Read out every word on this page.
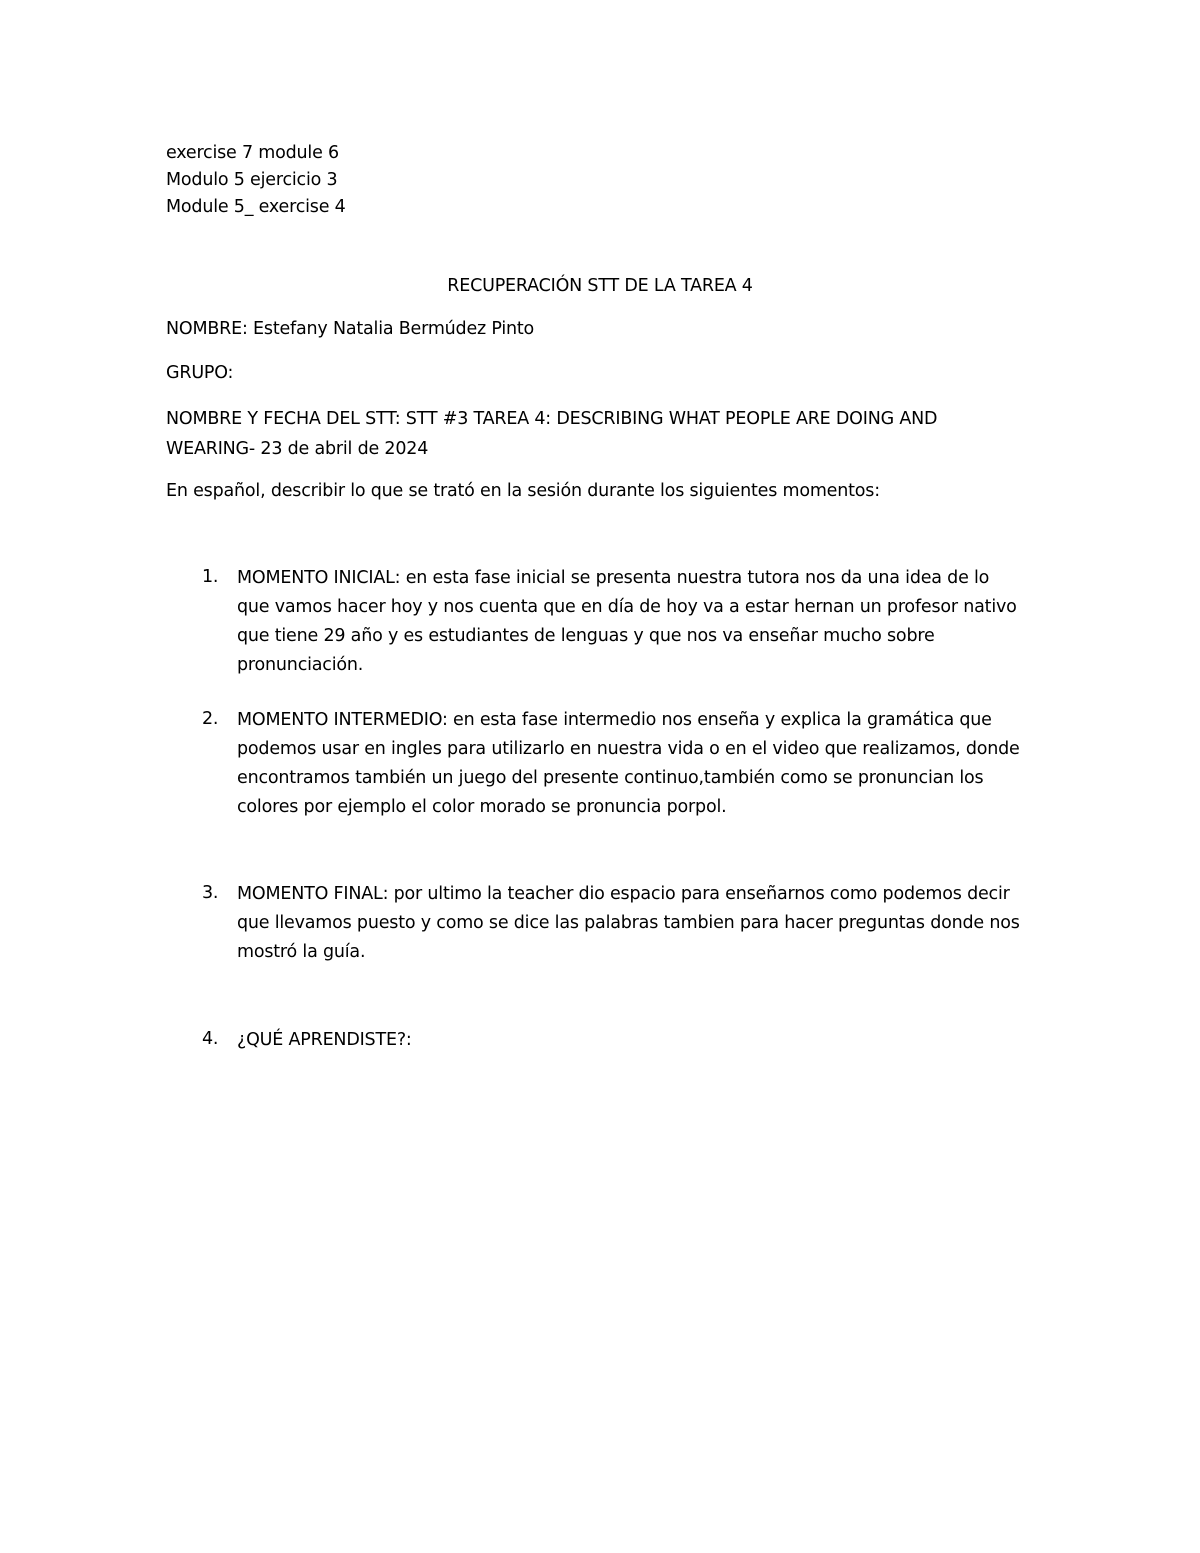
exercise 7 module 6
Modulo 5 ejercicio 3
Module 5_ exercise 4
RECUPERACIÓN STT DE LA TAREA 4
NOMBRE: Estefany Natalia Bermúdez Pinto
GRUPO:
NOMBRE Y FECHA DEL STT: STT #3 TAREA 4: DESCRIBING WHAT PEOPLE ARE DOING AND
WEARING- 23 de abril de 2024
En español, describir lo que se trató en la sesión durante los siguientes momentos:
1.	MOMENTO INICIAL: en esta fase inicial se presenta nuestra tutora nos da una idea de lo
que vamos hacer hoy y nos cuenta que en día de hoy va a estar hernan un profesor nativo
que tiene 29 año y es estudiantes de lenguas y que nos va enseñar mucho sobre
pronunciación.
2.	MOMENTO INTERMEDIO: en esta fase intermedio nos enseña y explica la gramática que
podemos usar en ingles para utilizarlo en nuestra vida o en el video que realizamos, donde
encontramos también un juego del presente continuo,también como se pronuncian los
colores por ejemplo el color morado se pronuncia porpol.
3.	MOMENTO FINAL: por ultimo la teacher dio espacio para enseñarnos como podemos decir
que llevamos puesto y como se dice las palabras tambien para hacer preguntas donde nos
mostró la guía.
4.	¿QUÉ APRENDISTE?:
